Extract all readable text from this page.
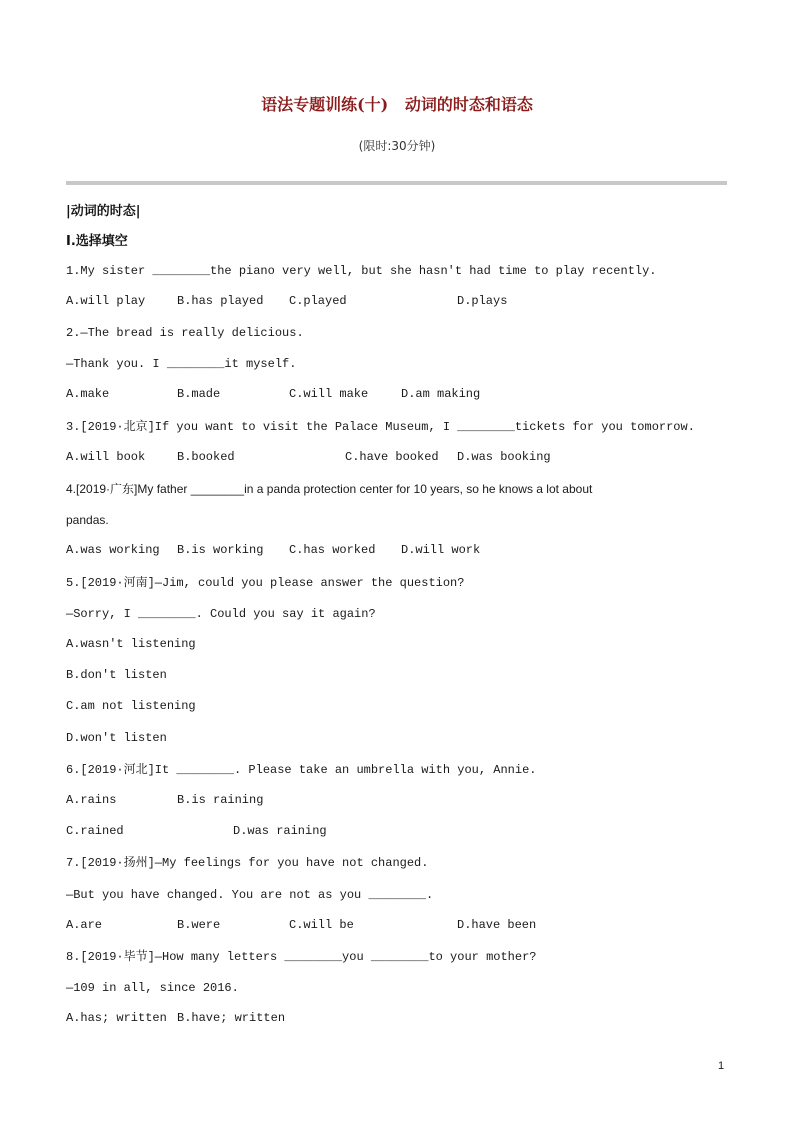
语法专题训练(十)   动词的时态和语态
(限时:30分钟)
|动词的时态|
Ⅰ.选择填空
1.My sister ________the piano very well, but she hasn't had time to play recently.
A.will play	B.has played C.played	D.plays
2.—The bread is really delicious.
—Thank you. I ________it myself.
A.make	B.made	C.will make	D.am making
3.[2019·北京]If you want to visit the Palace Museum, I ________tickets for you tomorrow.
A.will book	B.booked	C.have booked D.was booking
4.[2019·广东]My father ________in a panda protection center for 10 years, so he knows a lot about
pandas.
A.was working B.is working C.has worked D.will work
5.[2019·河南]—Jim, could you please answer the question?
—Sorry, I ________. Could you say it again?
A.wasn't listening
B.don't listen
C.am not listening
D.won't listen
6.[2019·河北]It ________. Please take an umbrella with you, Annie.
A.rains	B.is raining
C.rained	D.was raining
7.[2019·扬州]—My feelings for you have not changed.
—But you have changed. You are not as you ________.
A.are	B.were	C.will be	D.have been
8.[2019·毕节]—How many letters ________you ________to your mother?
—109 in all, since 2016.
A.has; written B.have; written
1
